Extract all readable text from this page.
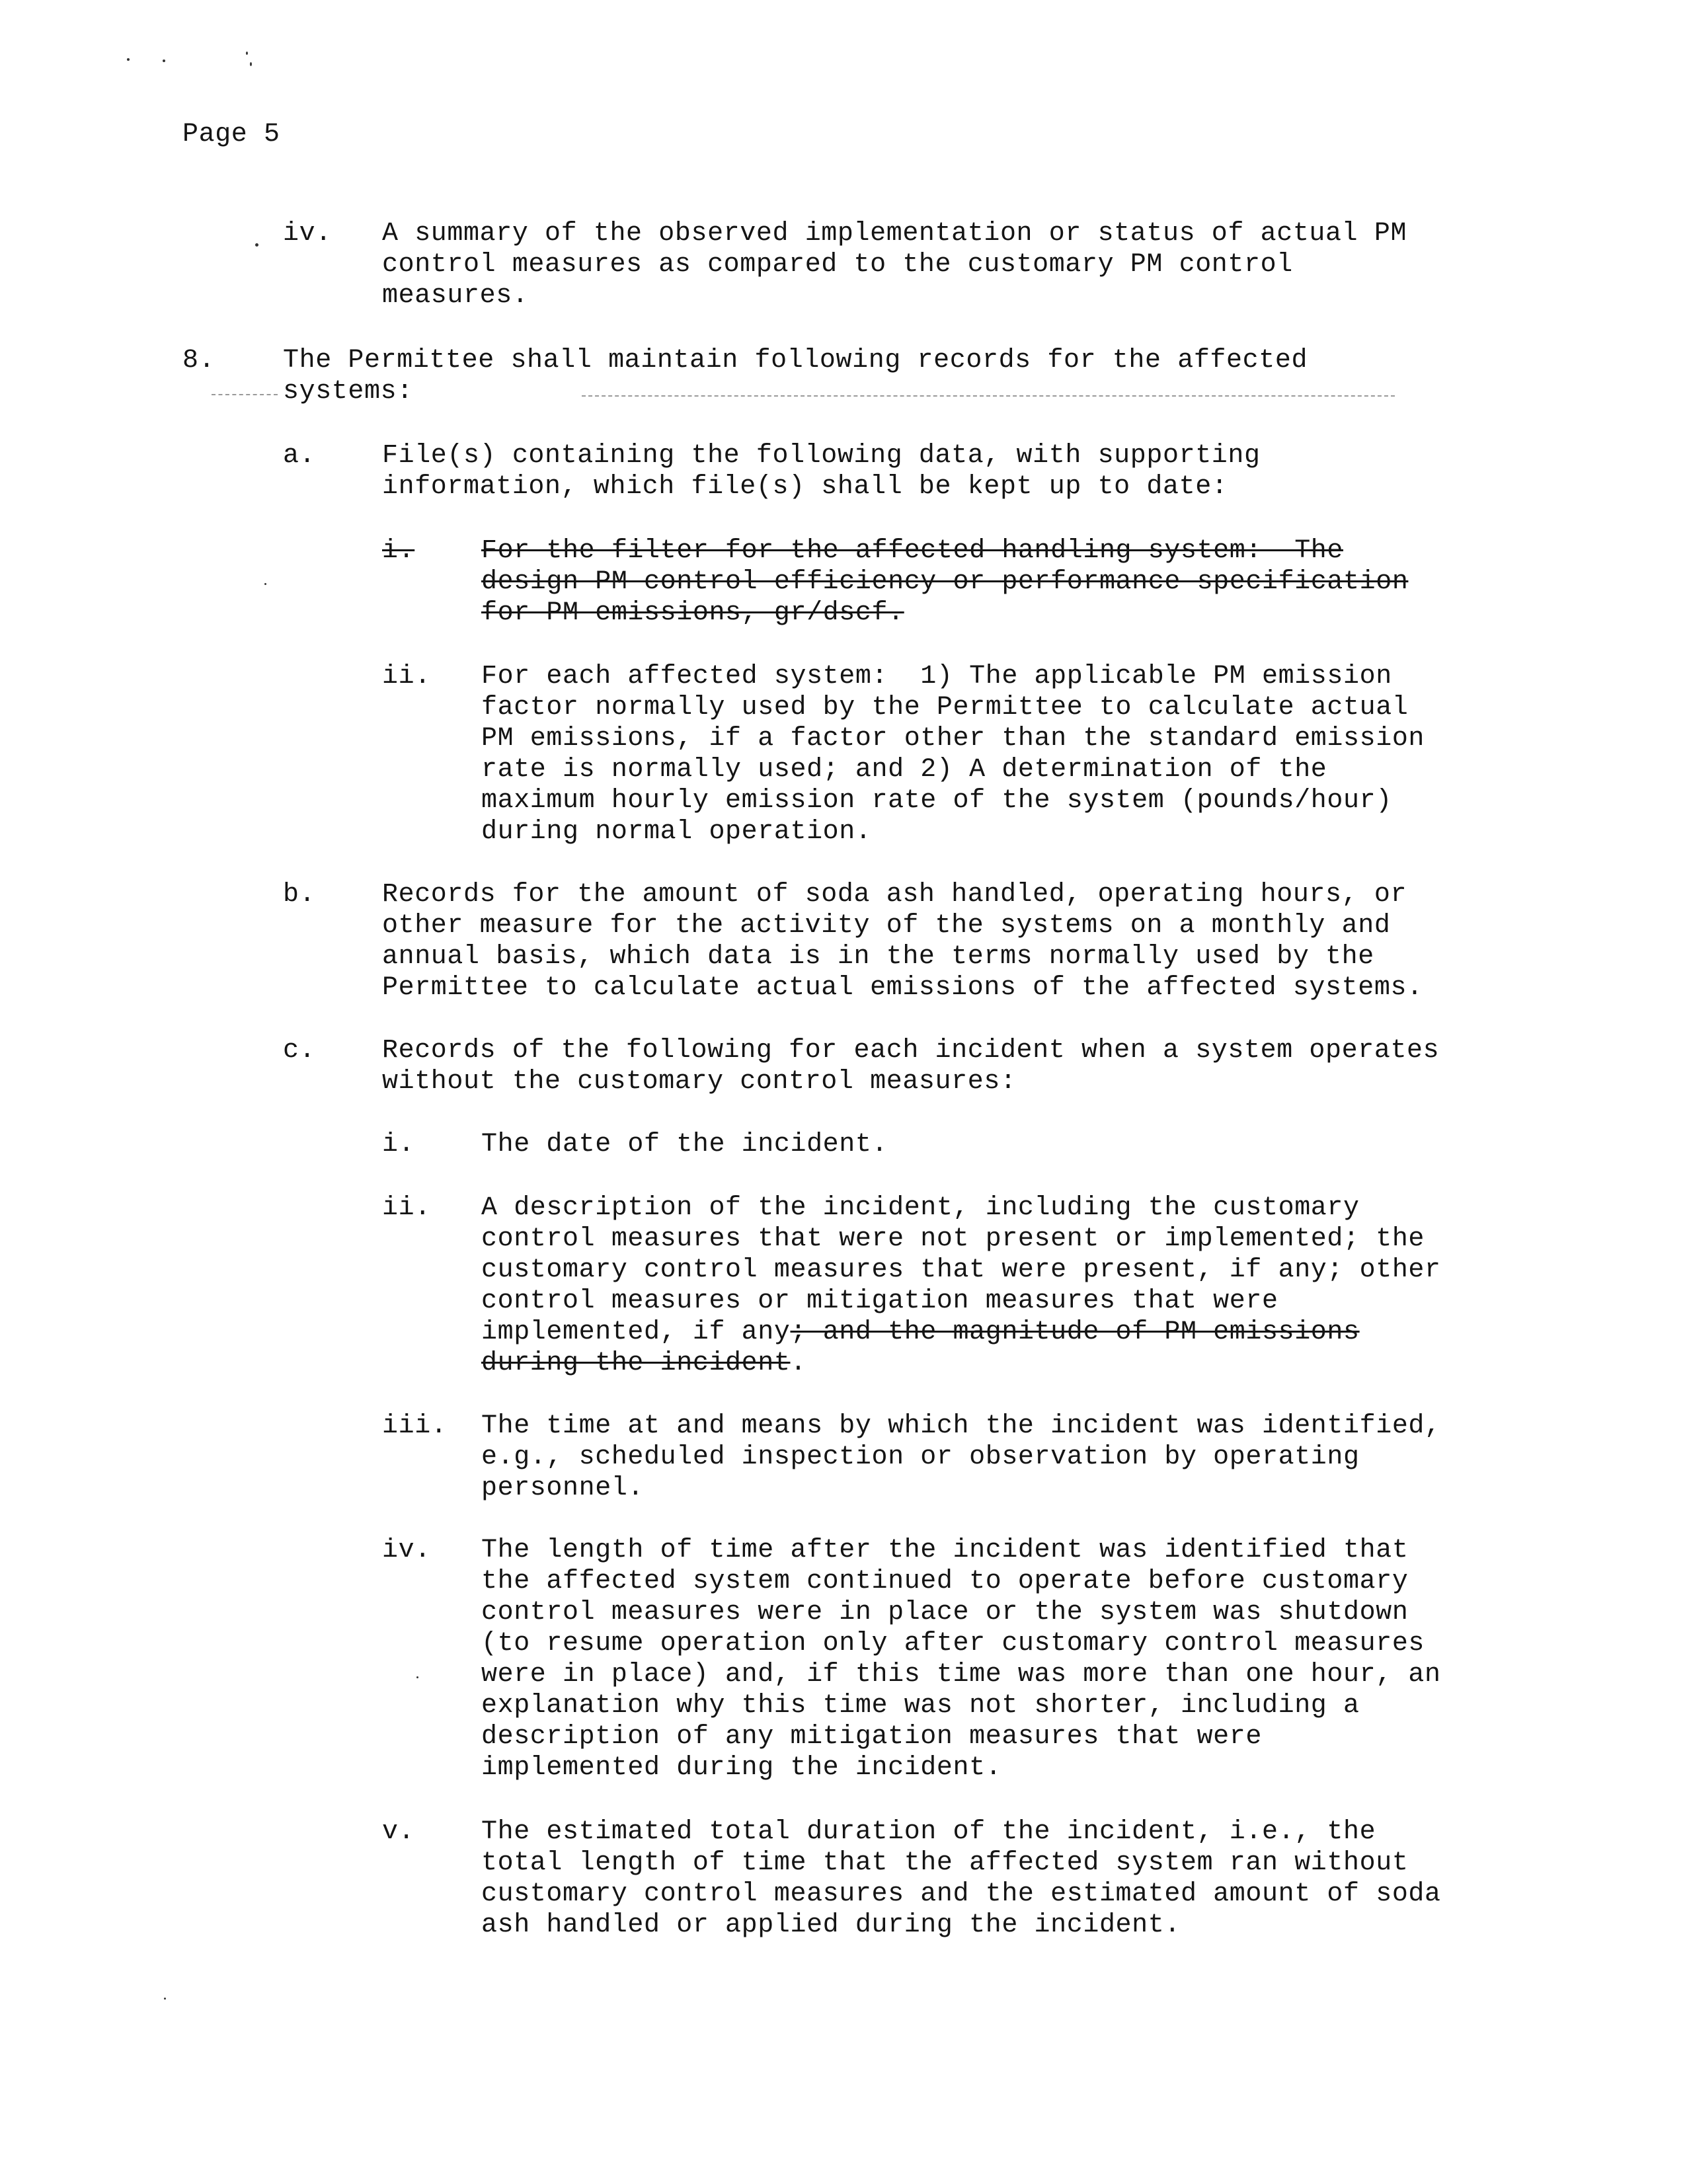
Page 5
iv. A summary of the observed implementation or status of actual PM
control measures as compared to the customary PM control
measures.
8.	The Permittee shall maintain following records for the affected
systems:
a.	File(s) containing the following data, with supporting
information, which file(s) shall be kept up to date:
i.	For the filter for the affected handling system:  The
design PM control efficiency or performance specification
for PM emissions, gr/dscf.
ii. For each affected system:  1) The applicable PM emission
factor normally used by the Permittee to calculate actual
PM emissions, if a factor other than the standard emission
rate is normally used; and 2) A determination of the
maximum hourly emission rate of the system (pounds/hour)
during normal operation.
b.	Records for the amount of soda ash handled, operating hours, or
other measure for the activity of the systems on a monthly and
annual basis, which data is in the terms normally used by the
Permittee to calculate actual emissions of the affected systems.
c.	Records of the following for each incident when a system operates
without the customary control measures:
i.	The date of the incident.
ii. A description of the incident, including the customary
control measures that were not present or implemented; the
customary control measures that were present, if any; other
control measures or mitigation measures that were
implemented, if any; and the magnitude of PM emissions
during the incident.
iii. The time at and means by which the incident was identified,
e.g., scheduled inspection or observation by operating
personnel.
iv. The length of time after the incident was identified that
the affected system continued to operate before customary
control measures were in place or the system was shutdown
(to resume operation only after customary control measures
were in place) and, if this time was more than one hour, an
explanation why this time was not shorter, including a
description of any mitigation measures that were
implemented during the incident.
v.	The estimated total duration of the incident, i.e., the
total length of time that the affected system ran without
customary control measures and the estimated amount of soda
ash handled or applied during the incident.
